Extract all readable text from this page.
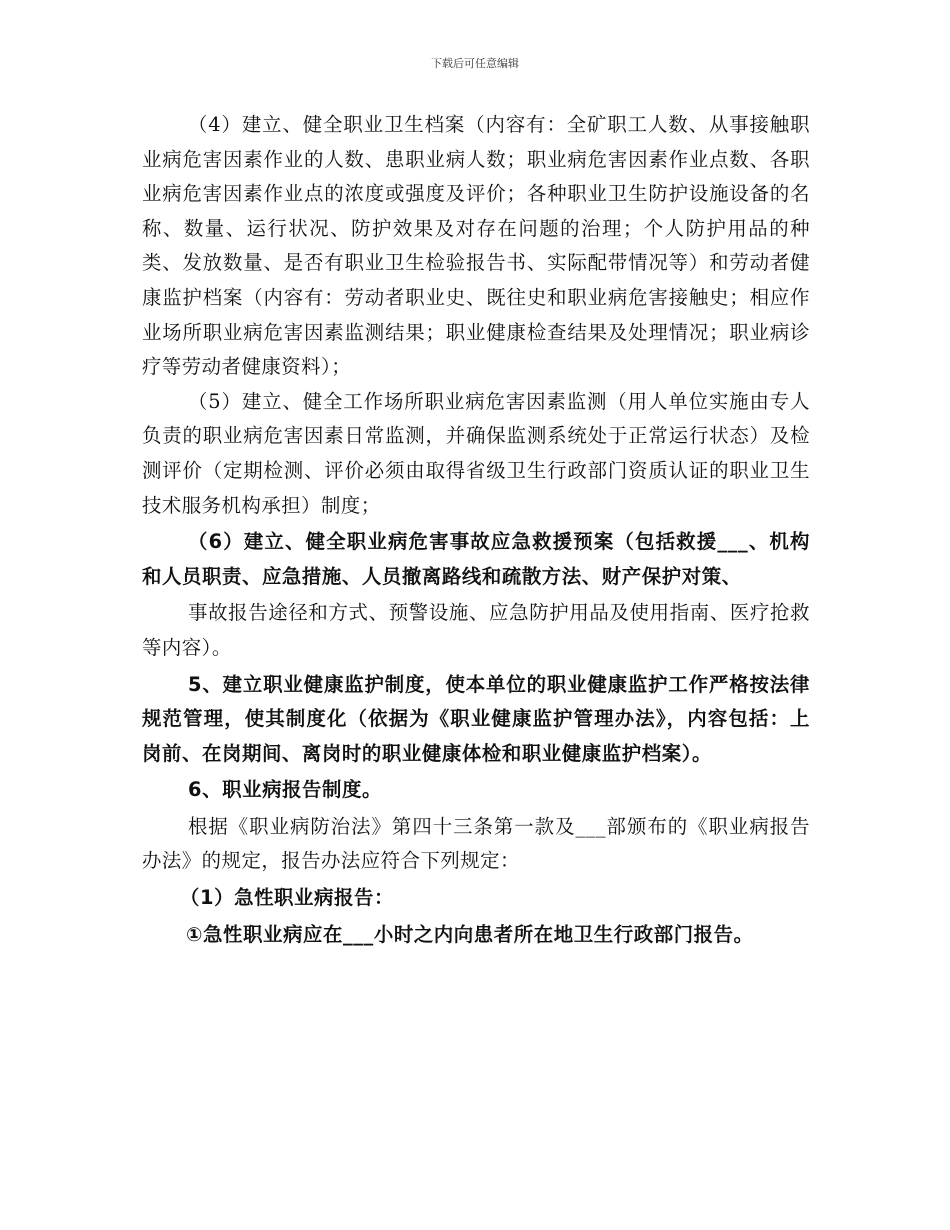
下载后可任意编辑

（4）建立、健全职业卫生档案（内容有：全矿职工人数、从事接触职业病危害因素作业的人数、患职业病人数；职业病危害因素作业点数、各职业病危害因素作业点的浓度或强度及评价；各种职业卫生防护设施设备的名称、数量、运行状况、防护效果及对存在问题的治理；个人防护用品的种类、发放数量、是否有职业卫生检验报告书、实际配带情况等）和劳动者健康监护档案（内容有：劳动者职业史、既往史和职业病危害接触史；相应作业场所职业病危害因素监测结果；职业健康检查结果及处理情况；职业病诊疗等劳动者健康资料）；

（5）建立、健全工作场所职业病危害因素监测（用人单位实施由专人负责的职业病危害因素日常监测，并确保监测系统处于正常运行状态）及检测评价（定期检测、评价必须由取得省级卫生行政部门资质认证的职业卫生技术服务机构承担）制度；

（6）建立、健全职业病危害事故应急救援预案（包括救援___、机构和人员职责、应急措施、人员撤离路线和疏散方法、财产保护对策、

事故报告途径和方式、预警设施、应急防护用品及使用指南、医疗抢救等内容）。

5、建立职业健康监护制度，使本单位的职业健康监护工作严格按法律规范管理，使其制度化（依据为《职业健康监护管理办法》，内容包括：上岗前、在岗期间、离岗时的职业健康体检和职业健康监护档案）。

6、职业病报告制度。

根据《职业病防治法》第四十三条第一款及___部颁布的《职业病报告办法》的规定，报告办法应符合下列规定：

（1）急性职业病报告：

①急性职业病应在___小时之内向患者所在地卫生行政部门报告。
